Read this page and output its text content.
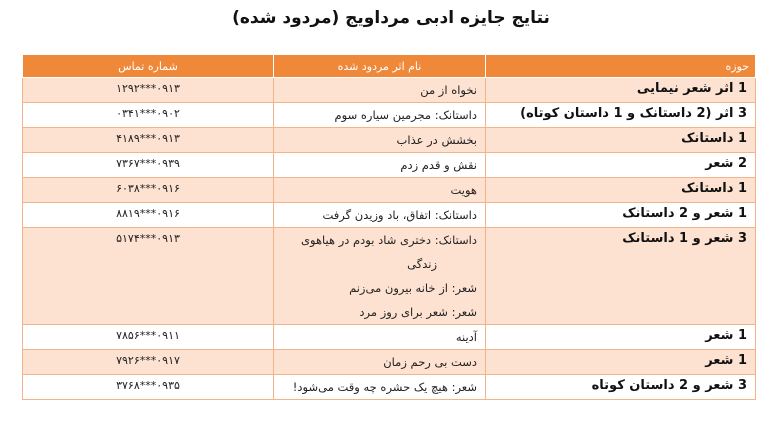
نتایج جایزه ادبی مرداویج (مردود شده)
حوزه	نام اثر مردود شده	شماره تماس
1 اثر شعر نیمایی	نخواه از من	۰۹۱۳***۱۲۹۲
3 اثر (2 داستانک و 1 داستان کوتاه)	داستانک: مجرمین سیاره سوم	۰۹۰۲***۰۳۴۱
1 داستانک	بخشش در عذاب	۰۹۱۳***۴۱۸۹
2 شعر	نقش و قدم زدم	۰۹۳۹***۷۳۶۷
1 داستانک	هویت	۰۹۱۶***۶۰۳۸
1 شعر و 2 داستانک	داستانک: اتفاق، باد وزیدن گرفت	۰۹۱۶***۸۸۱۹
3 شعر و 1 داستانک	داستانک: دختری شاد بودم در هیاهوی
زندگی
شعر: از خانه بیرون می‌زنم
شعر: شعر برای روز مرد	۰۹۱۳***۵۱۷۴
1 شعر	آدینه	۰۹۱۱***۷۸۵۶
1 شعر	دست بی رحم زمان	۰۹۱۷***۷۹۲۶
3 شعر و 2 داستان کوتاه	شعر: هیچ یک حشره چه وقت می‌شود!	۰۹۳۵***۳۷۶۸
